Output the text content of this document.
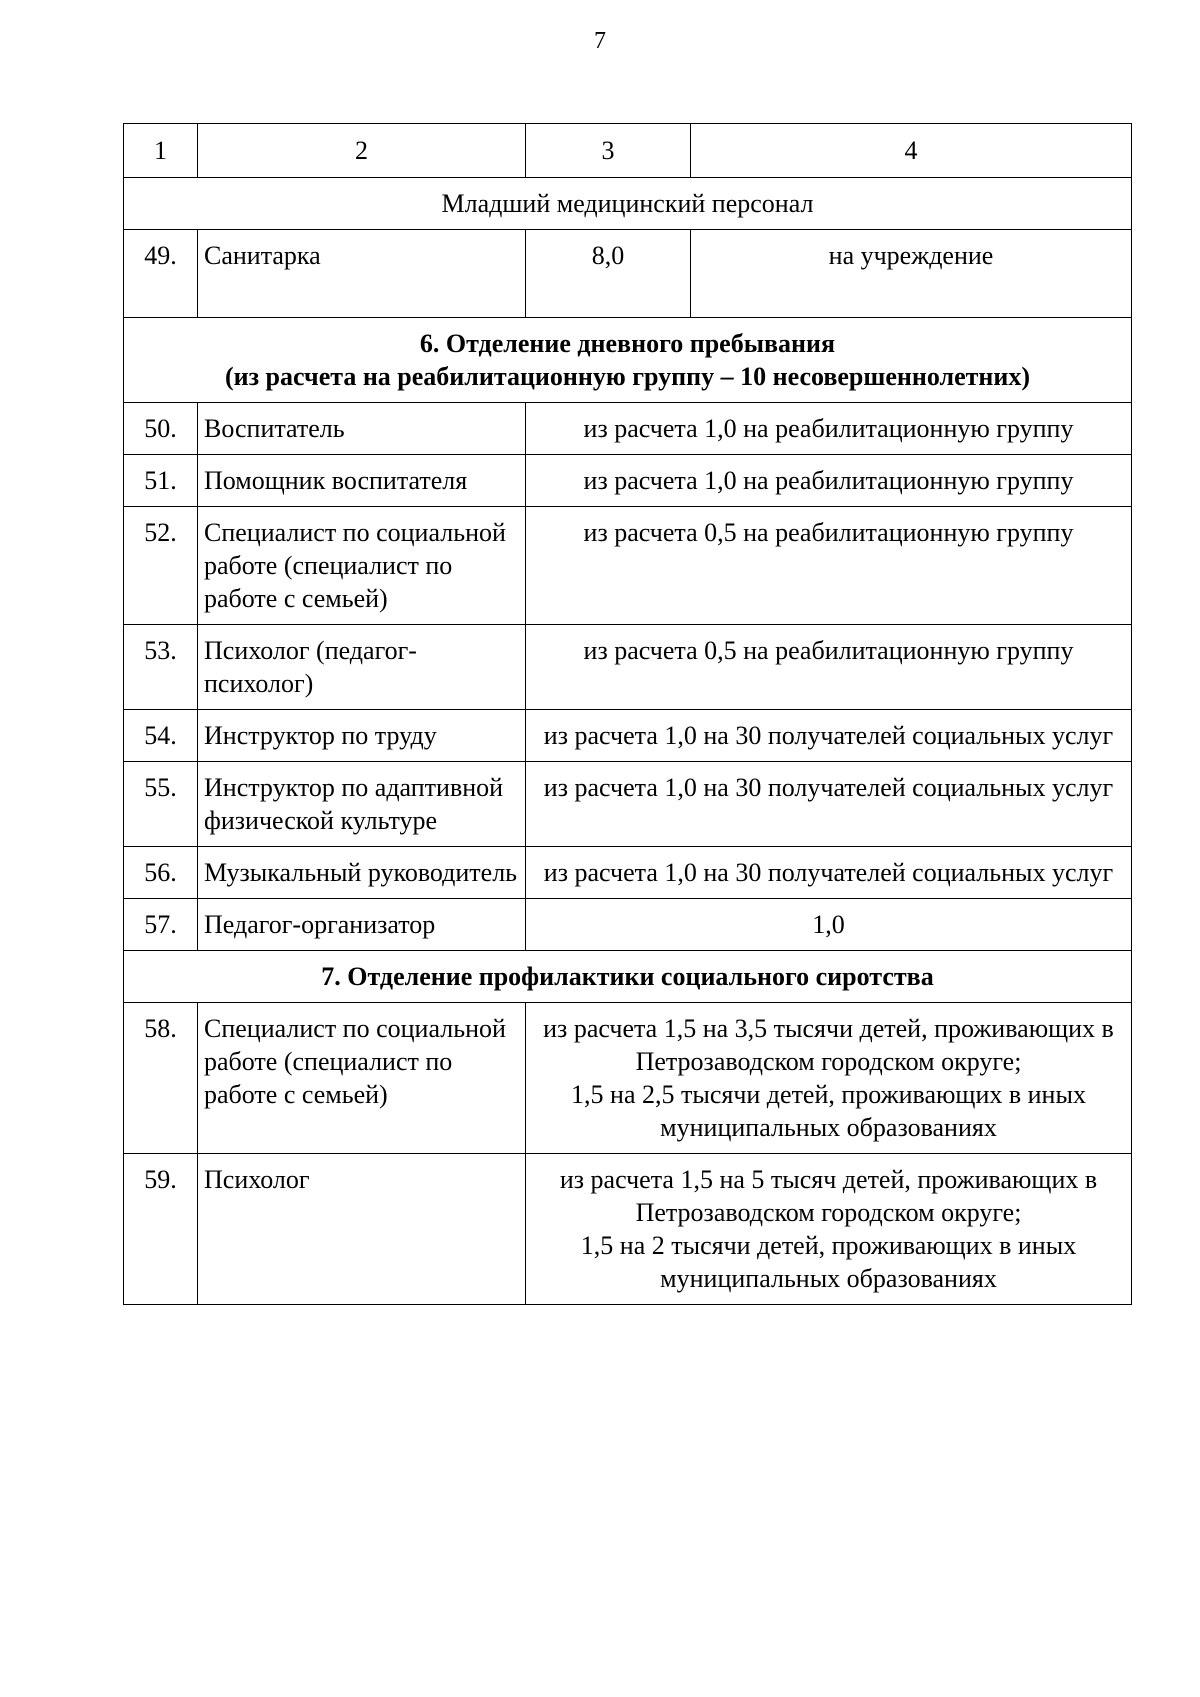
7
1	2	3	4
Младший медицинский персонал			
49.	Санитарка	8,0	на учреждение

6. Отделение дневного пребывания
(из расчета на реабилитационную группу – 10 несовершеннолетних)			

50.	Воспитатель	из расчета 1,0 на реабилитационную группу	
51.	Помощник воспитателя	из расчета 1,0 на реабилитационную группу	
52.	Специалист по социальной работе (специалист по работе с семьей)	из расчета 0,5 на реабилитационную группу	
53.	Психолог (педагог-психолог)	из расчета 0,5 на реабилитационную группу	
54.	Инструктор по труду	из расчета 1,0 на 30 получателей социальных услуг	
55.	Инструктор по адаптивной физической культуре	из расчета 1,0 на 30 получателей социальных услуг	
56.	Музыкальный руководитель	из расчета 1,0 на 30 получателей социальных услуг	
57.	Педагог-организатор	1,0	
7. Отделение профилактики социального сиротства			
58.	Специалист по социальной работе (специалист по работе с семьей)	из расчета 1,5 на 3,5 тысячи детей, проживающих в Петрозаводском городском округе;
1,5 на 2,5 тысячи детей, проживающих в иных муниципальных образованиях	

59.	Психолог	из расчета 1,5 на 5 тысяч детей, проживающих в Петрозаводском городском округе;
1,5 на 2 тысячи детей, проживающих в иных муниципальных образованиях	
